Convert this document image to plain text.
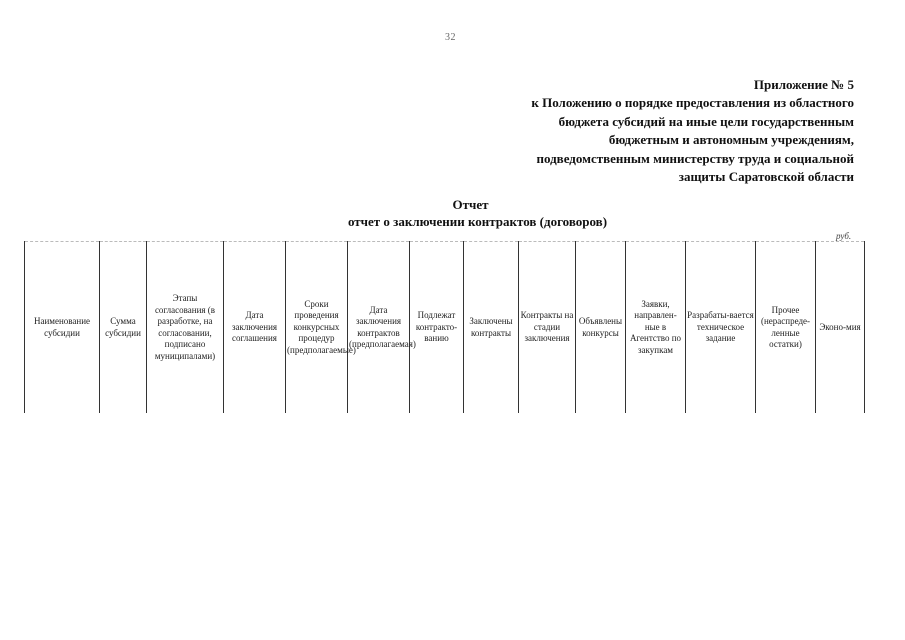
32
Приложение № 5
к Положению о порядке предоставления из областного
бюджета субсидий на иные цели государственным
бюджетным и автономным учреждениям,
подведомственным министерству труда и социальной
защиты Саратовской области
Отчет
отчет о заключении контрактов (договоров)
руб.
Наименование субсидии	Сумма субсидии	Этапы согласования (в разработке, на согласовании, подписано муниципалами)	Дата заключения соглашения	Сроки проведения конкурсных процедур (предполагаемые)	Дата заключения контрактов (предполагаемая)	Подлежат контракто-ванию	Заключены контракты	Контракты на стадии заключения	Объявлены конкурсы	Заявки, направлен-ные в Агентство по закупкам	Разрабаты-вается техническое задание	Прочее (нераспреде-ленные остатки)	Эконо-мия
